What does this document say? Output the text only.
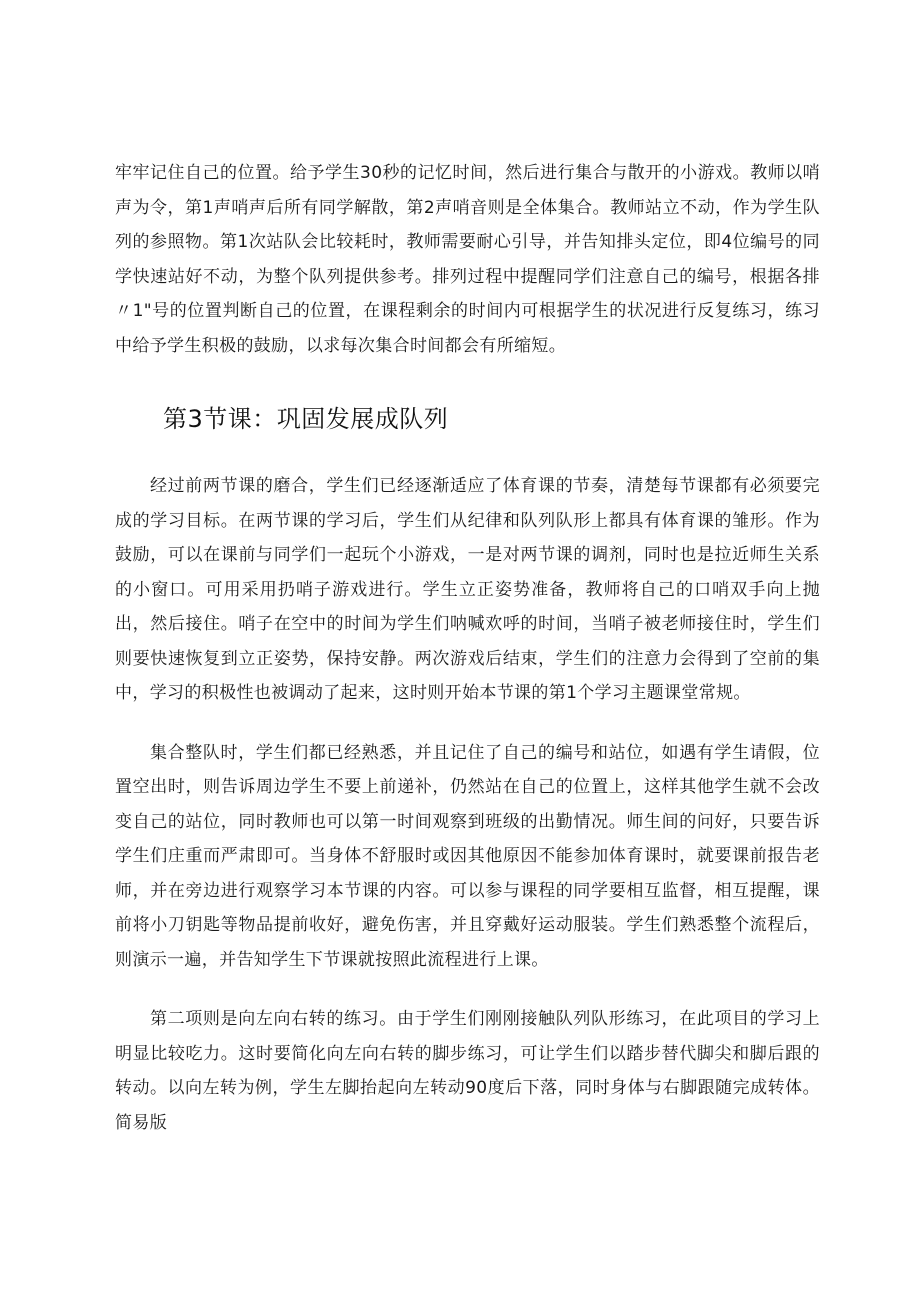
牢牢记住自己的位置。给予学生30秒的记忆时间，然后进行集合与散开的小游戏。教师以哨声为令，第1声哨声后所有同学解散，第2声哨音则是全体集合。教师站立不动，作为学生队列的参照物。第1次站队会比较耗时，教师需要耐心引导，并告知排头定位，即4位编号的同学快速站好不动，为整个队列提供参考。排列过程中提醒同学们注意自己的编号，根据各排〃1"号的位置判断自己的位置，在课程剩余的时间内可根据学生的状况进行反复练习，练习中给予学生积极的鼓励，以求每次集合时间都会有所缩短。

第3节课：巩固发展成队列

经过前两节课的磨合，学生们已经逐渐适应了体育课的节奏，清楚每节课都有必须要完成的学习目标。在两节课的学习后，学生们从纪律和队列队形上都具有体育课的雏形。作为鼓励，可以在课前与同学们一起玩个小游戏，一是对两节课的调剂，同时也是拉近师生关系的小窗口。可用采用扔哨子游戏进行。学生立正姿势准备，教师将自己的口哨双手向上抛出，然后接住。哨子在空中的时间为学生们呐喊欢呼的时间，当哨子被老师接住时，学生们则要快速恢复到立正姿势，保持安静。两次游戏后结束，学生们的注意力会得到了空前的集中，学习的积极性也被调动了起来，这时则开始本节课的第1个学习主题课堂常规。

集合整队时，学生们都已经熟悉，并且记住了自己的编号和站位，如遇有学生请假，位置空出时，则告诉周边学生不要上前递补，仍然站在自己的位置上，这样其他学生就不会改变自己的站位，同时教师也可以第一时间观察到班级的出勤情况。师生间的问好，只要告诉学生们庄重而严肃即可。当身体不舒服时或因其他原因不能参加体育课时，就要课前报告老师，并在旁边进行观察学习本节课的内容。可以参与课程的同学要相互监督，相互提醒，课前将小刀钥匙等物品提前收好，避免伤害，并且穿戴好运动服装。学生们熟悉整个流程后，则演示一遍，并告知学生下节课就按照此流程进行上课。

第二项则是向左向右转的练习。由于学生们刚刚接触队列队形练习，在此项目的学习上明显比较吃力。这时要简化向左向右转的脚步练习，可让学生们以踏步替代脚尖和脚后跟的转动。以向左转为例，学生左脚抬起向左转动90度后下落，同时身体与右脚跟随完成转体。简易版
